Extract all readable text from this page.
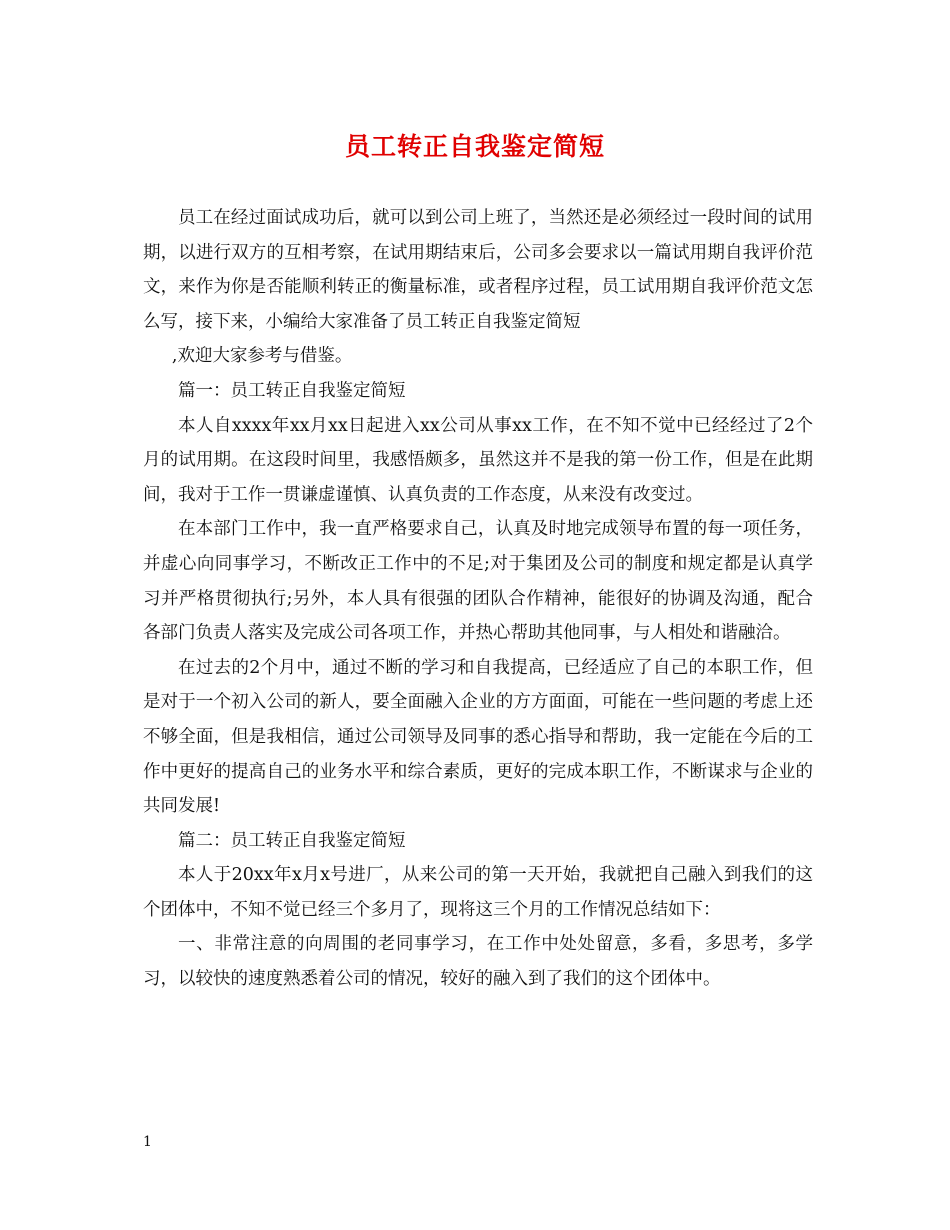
员工转正自我鉴定简短

员工在经过面试成功后，就可以到公司上班了，当然还是必须经过一段时间的试用期，以进行双方的互相考察，在试用期结束后，公司多会要求以一篇试用期自我评价范文，来作为你是否能顺利转正的衡量标准，或者程序过程，员工试用期自我评价范文怎么写，接下来，小编给大家准备了员工转正自我鉴定简短

,欢迎大家参考与借鉴。

篇一：员工转正自我鉴定简短

本人自xxxx年xx月xx日起进入xx公司从事xx工作，在不知不觉中已经经过了2个月的试用期。在这段时间里，我感悟颇多，虽然这并不是我的第一份工作，但是在此期间，我对于工作一贯谦虚谨慎、认真负责的工作态度，从来没有改变过。

在本部门工作中，我一直严格要求自己，认真及时地完成领导布置的每一项任务，并虚心向同事学习，不断改正工作中的不足;对于集团及公司的制度和规定都是认真学习并严格贯彻执行;另外，本人具有很强的团队合作精神，能很好的协调及沟通，配合各部门负责人落实及完成公司各项工作，并热心帮助其他同事，与人相处和谐融洽。

在过去的2个月中，通过不断的学习和自我提高，已经适应了自己的本职工作，但是对于一个初入公司的新人，要全面融入企业的方方面面，可能在一些问题的考虑上还不够全面，但是我相信，通过公司领导及同事的悉心指导和帮助，我一定能在今后的工作中更好的提高自己的业务水平和综合素质，更好的完成本职工作，不断谋求与企业的共同发展!

篇二：员工转正自我鉴定简短

本人于20xx年x月x号进厂，从来公司的第一天开始，我就把自己融入到我们的这个团体中，不知不觉已经三个多月了，现将这三个月的工作情况总结如下：

一、非常注意的向周围的老同事学习，在工作中处处留意，多看，多思考，多学习，以较快的速度熟悉着公司的情况，较好的融入到了我们的这个团体中。

1
